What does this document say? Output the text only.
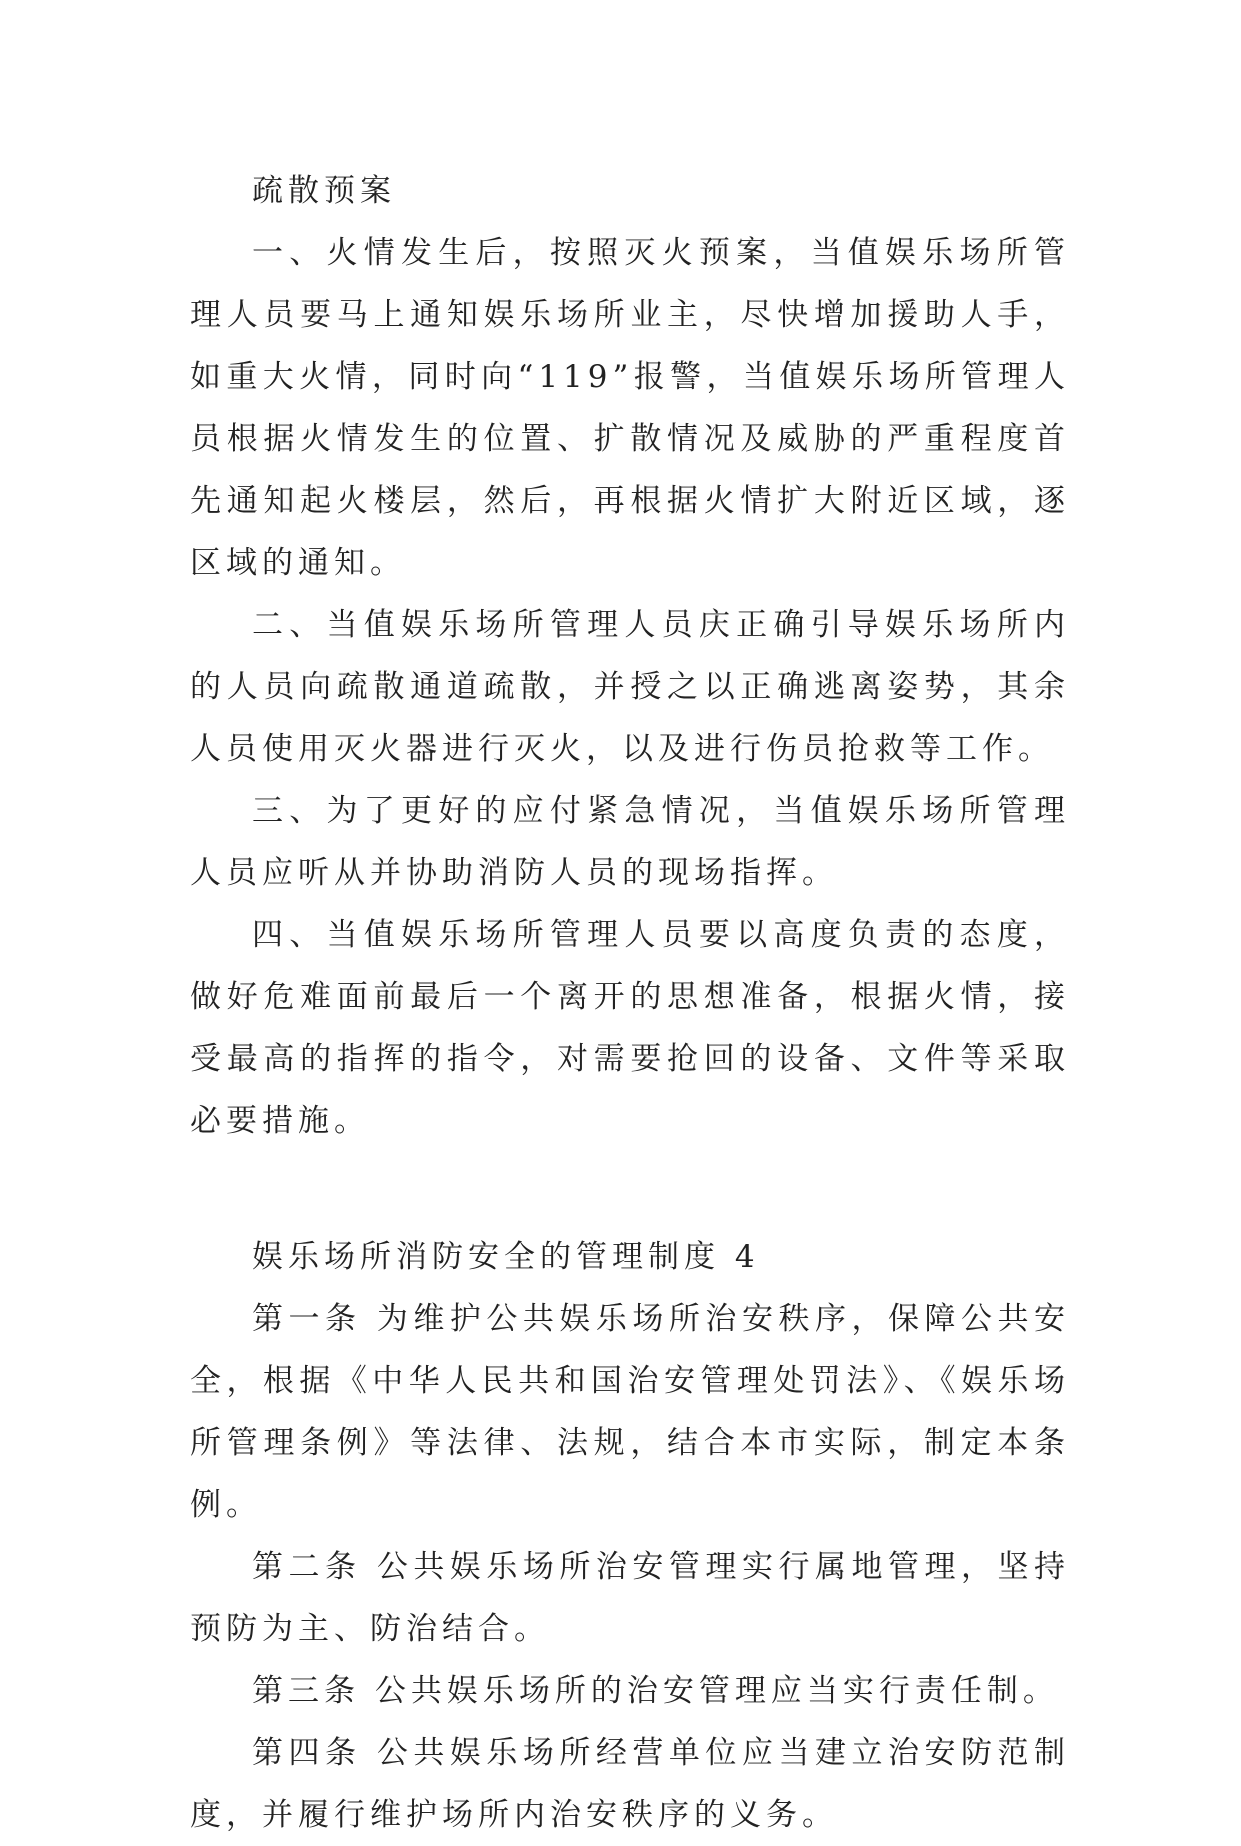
疏散预案

一、火情发生后，按照灭火预案，当值娱乐场所管理人员要马上通知娱乐场所业主，尽快增加援助人手，如重大火情，同时向“119”报警，当值娱乐场所管理人员根据火情发生的位置、扩散情况及威胁的严重程度首先通知起火楼层，然后，再根据火情扩大附近区域，逐区域的通知。

二、当值娱乐场所管理人员庆正确引导娱乐场所内的人员向疏散通道疏散，并授之以正确逃离姿势，其余人员使用灭火器进行灭火，以及进行伤员抢救等工作。

三、为了更好的应付紧急情况，当值娱乐场所管理人员应听从并协助消防人员的现场指挥。

四、当值娱乐场所管理人员要以高度负责的态度，做好危难面前最后一个离开的思想准备，根据火情，接受最高的指挥的指令，对需要抢回的设备、文件等采取必要措施。

娱乐场所消防安全的管理制度 4

第一条 为维护公共娱乐场所治安秩序，保障公共安全，根据《中华人民共和国治安管理处罚法》、《娱乐场所管理条例》等法律、法规，结合本市实际，制定本条例。

第二条 公共娱乐场所治安管理实行属地管理，坚持预防为主、防治结合。

第三条 公共娱乐场所的治安管理应当实行责任制。

第四条 公共娱乐场所经营单位应当建立治安防范制度，并履行维护场所内治安秩序的义务。
